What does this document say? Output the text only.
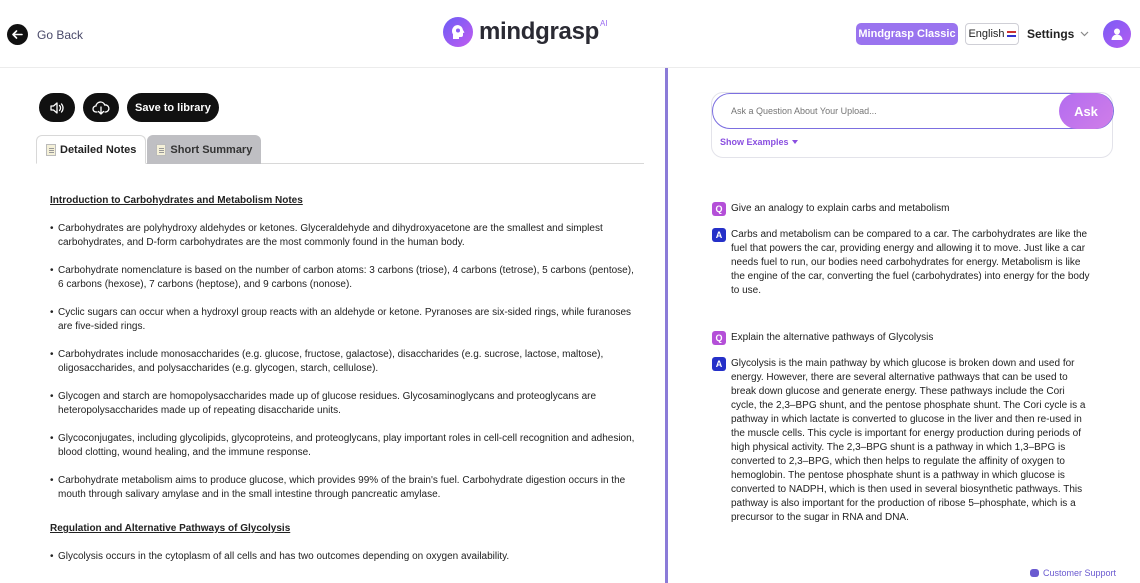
Go Back	mindgrasp AI
Mindgrasp Classic English Settings
Save to library
Detailed Notes	Short Summary
Introduction to Carbohydrates and Metabolism Notes
• Carbohydrates are polyhydroxy aldehydes or ketones. Glyceraldehyde and dihydroxyacetone are the smallest and simplest carbohydrates, and D-form carbohydrates are the most commonly found in the human body.
• Carbohydrate nomenclature is based on the number of carbon atoms: 3 carbons (triose), 4 carbons (tetrose), 5 carbons (pentose), 6 carbons (hexose), 7 carbons (heptose), and 9 carbons (nonose).
• Cyclic sugars can occur when a hydroxyl group reacts with an aldehyde or ketone. Pyranoses are six-sided rings, while furanoses are five-sided rings.
• Carbohydrates include monosaccharides (e.g. glucose, fructose, galactose), disaccharides (e.g. sucrose, lactose, maltose), oligosaccharides, and polysaccharides (e.g. glycogen, starch, cellulose).
• Glycogen and starch are homopolysaccharides made up of glucose residues. Glycosaminoglycans and proteoglycans are heteropolysaccharides made up of repeating disaccharide units.
• Glycoconjugates, including glycolipids, glycoproteins, and proteoglycans, play important roles in cell-cell recognition and adhesion, blood clotting, wound healing, and the immune response.
• Carbohydrate metabolism aims to produce glucose, which provides 99% of the brain's fuel. Carbohydrate digestion occurs in the mouth through salivary amylase and in the small intestine through pancreatic amylase.
Regulation and Alternative Pathways of Glycolysis
• Glycolysis occurs in the cytoplasm of all cells and has two outcomes depending on oxygen availability.
Ask a Question About Your Upload...
Ask
Show Examples
Q Give an analogy to explain carbs and metabolism
A Carbs and metabolism can be compared to a car. The carbohydrates are like the fuel that powers the car, providing energy and allowing it to move. Just like a car needs fuel to run, our bodies need carbohydrates for energy. Metabolism is like the engine of the car, converting the fuel (carbohydrates) into energy for the body to use.
Q Explain the alternative pathways of Glycolysis
A Glycolysis is the main pathway by which glucose is broken down and used for energy. However, there are several alternative pathways that can be used to break down glucose and generate energy. These pathways include the Cori cycle, the 2,3–BPG shunt, and the pentose phosphate shunt. The Cori cycle is a pathway in which lactate is converted to glucose in the liver and then re-used in the muscle cells. This cycle is important for energy production during periods of high physical activity. The 2,3–BPG shunt is a pathway in which 1,3–BPG is converted to 2,3–BPG, which then helps to regulate the affinity of oxygen to hemoglobin. The pentose phosphate shunt is a pathway in which glucose is converted to NADPH, which is then used in several biosynthetic pathways. This pathway is also important for the production of ribose 5–phosphate, which is a precursor to the sugar in RNA and DNA.
Customer Support
